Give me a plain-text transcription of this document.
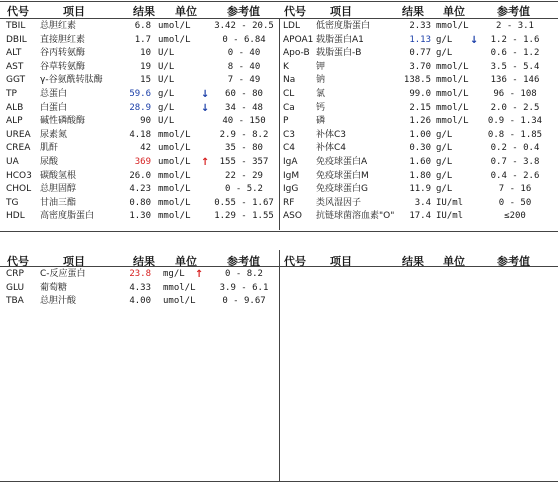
代号	项目	结果 单位	参考值 代号 项目	结果 单位	参考值
TBIL 总胆红素	6.8 umol/L	3.42 - 20.5
DBIL 直接胆红素	1.7 umol/L	0 - 6.84
ALT 谷丙转氨酶	10 U/L	0 - 40
AST 谷草转氨酶	19 U/L	8 - 40
GGT γ-谷氨酰转肽酶	15 U/L	7 - 49
TP	总蛋白	59.6 g/L	↓	60 - 80
ALB 白蛋白	28.9 g/L	↓	34 - 48
ALP 碱性磷酸酶	90 U/L	40 - 150
UREA 尿素氮	4.18 mmol/L	2.9 - 8.2
CREA 肌酐	42 umol/L	35 - 80
UA 尿酸	369 umol/L ↑	155 - 357
HCO3 碳酸氢根	26.0 mmol/L	22 - 29
CHOL 总胆固醇	4.23 mmol/L	0 - 5.2
TG 甘油三酯	0.80 mmol/L	0.55 - 1.67
HDL 高密度脂蛋白	1.30 mmol/L	1.29 - 1.55
LDL 低密度脂蛋白	2.33 mmol/L	2 - 3.1
APOA1 载脂蛋白A1	1.13 g/L ↓	1.2 - 1.6
Apo-B 载脂蛋白-B	0.77 g/L	0.6 - 1.2
K	钾	3.70 mmol/L	3.5 - 5.4
Na 钠	138.5 mmol/L	136 - 146
CL 氯	99.0 mmol/L	96 - 108
Ca 钙	2.15 mmol/L	2.0 - 2.5
P	磷	1.26 mmol/L	0.9 - 1.34
C3 补体C3	1.00 g/L	0.8 - 1.85
C4 补体C4	0.30 g/L	0.2 - 0.4
IgA 免疫球蛋白A	1.60 g/L	0.7 - 3.8
IgM 免疫球蛋白M	1.80 g/L	0.4 - 2.6
IgG 免疫球蛋白G	11.9 g/L	7 - 16
RF 类风湿因子	3.4 IU/ml	0 - 50
ASO 抗链球菌溶血素"O" 17.4 IU/ml	≤200
代号	项目	结果 单位	参考值 代号 项目	结果 单位	参考值
CRP C-反应蛋白	23.8 mg/L ↑	0 - 8.2
GLU 葡萄糖	4.33 mmol/L	3.9 - 6.1
TBA 总胆汁酸	4.00 umol/L	0 - 9.67
